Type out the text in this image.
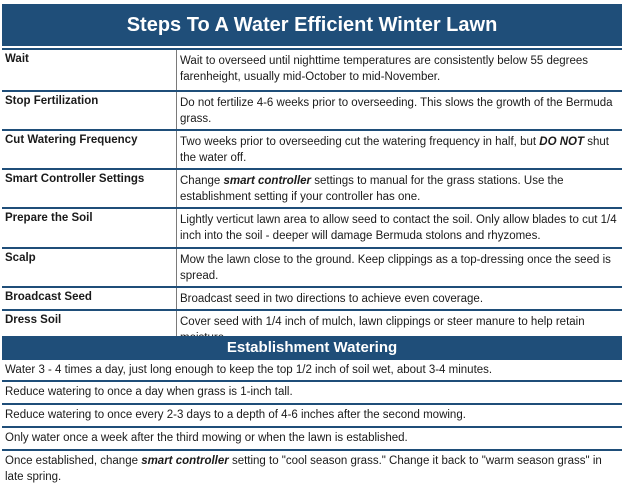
Steps To A Water Efficient Winter Lawn
Wait	Wait to overseed until nighttime temperatures are consistently below 55 degrees farenheight, usually mid-October to mid-November.
Stop Fertilization	Do not fertilize 4-6 weeks prior to overseeding. This slows the growth of the Bermuda grass.
Cut Watering Frequency	Two weeks prior to overseeding cut the watering frequency in half, but DO NOT shut the water off.
Smart Controller Settings	Change smart controller settings to manual for the grass stations. Use the establishment setting if your controller has one.
Prepare the Soil	Lightly verticut lawn area to allow seed to contact the soil. Only allow blades to cut 1/4 inch into the soil - deeper will damage Bermuda stolons and rhyzomes.
Scalp	Mow the lawn close to the ground. Keep clippings as a top-dressing once the seed is spread.
Broadcast Seed	Broadcast seed in two directions to achieve even coverage.
Dress Soil	Cover seed with 1/4 inch of mulch, lawn clippings or steer manure to help retain
Establishment Watering
Water 3 - 4 times a day, just long enough to keep the top 1/2 inch of soil wet, about 3-4 minutes.
Reduce watering to once a day when grass is 1-inch tall.
Reduce watering to once every 2-3 days to a depth of 4-6 inches after the second mowing.
Only water once a week after the third mowing or when the lawn is established.
Once established, change smart controller setting to "cool season grass." Change it back to "warm season grass" in late spring.
